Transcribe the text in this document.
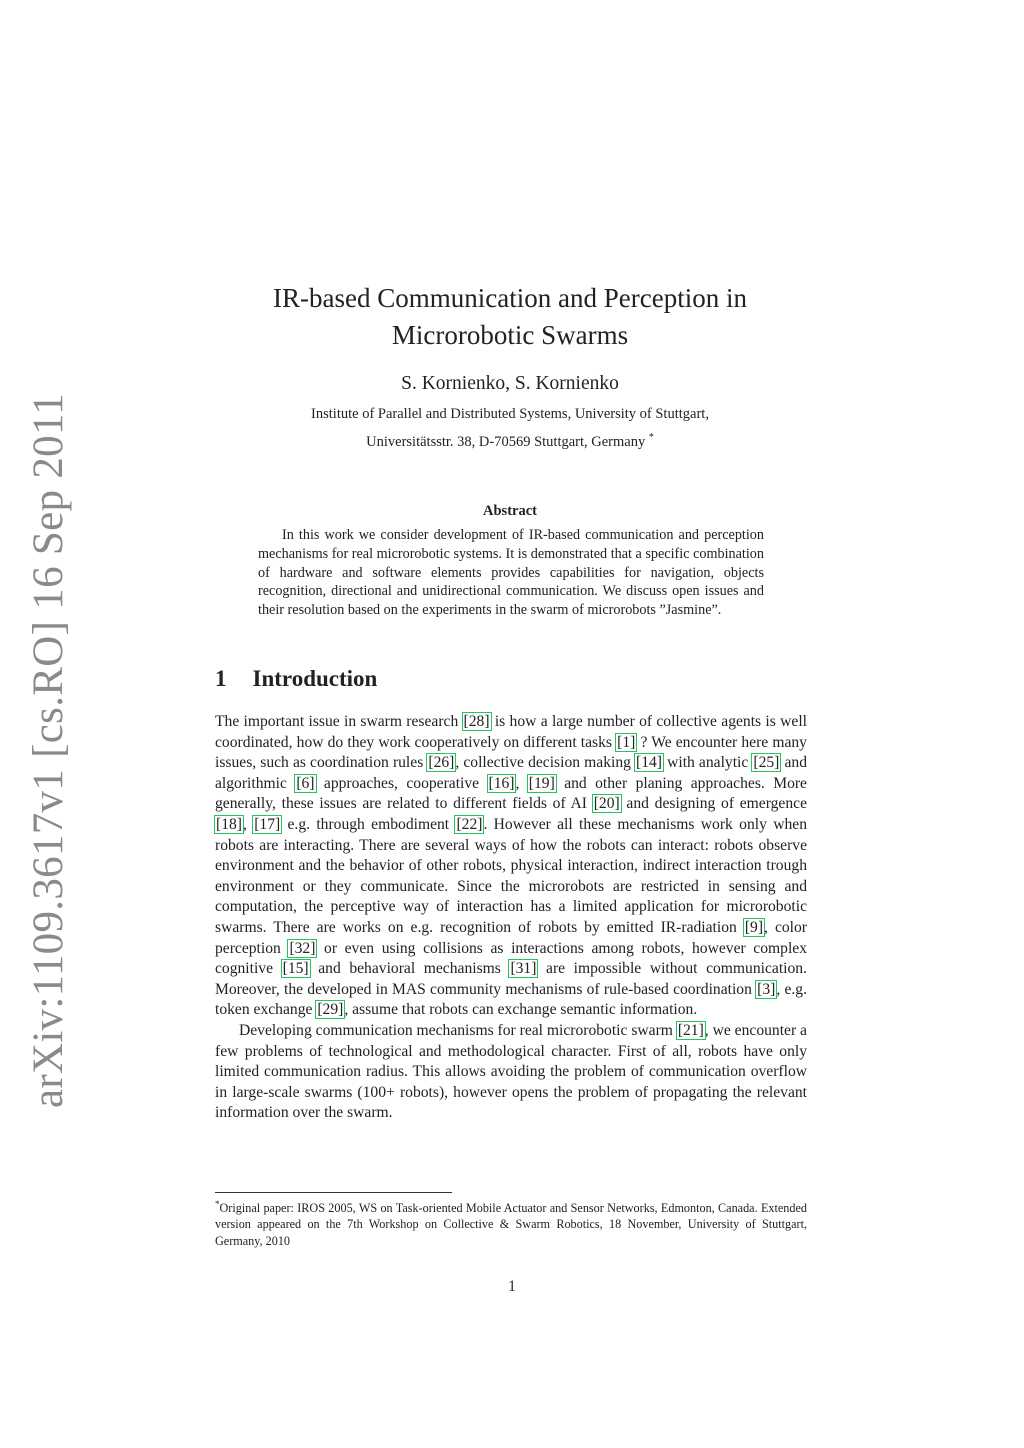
arXiv:1109.3617v1 [cs.RO] 16 Sep 2011
IR-based Communication and Perception in
Microrobotic Swarms
S. Kornienko, S. Kornienko
Institute of Parallel and Distributed Systems, University of Stuttgart,
Universitätsstr. 38, D-70569 Stuttgart, Germany *
Abstract
In this work we consider development of IR-based communication and perception mechanisms for real microrobotic systems. It is demonstrated that a specific combination of hardware and software elements provides capabilities for navigation, objects recognition, directional and unidirectional communication. We discuss open issues and their resolution based on the experiments in the swarm of microrobots ”Jasmine”.
1 Introduction

The important issue in swarm research [28] is how a large number of collective agents is well coordinated, how do they work cooperatively on different tasks [1] ? We encounter here many issues, such as coordination rules [26], collective decision making [14] with analytic [25] and algorithmic [6] approaches, cooperative [16], [19] and other planing approaches. More generally, these issues are related to different fields of AI [20] and designing of emergence [18], [17] e.g. through embodiment [22]. However all these mechanisms work only when robots are interacting. There are several ways of how the robots can interact: robots observe environment and the behavior of other robots, physical interaction, indirect interaction trough environment or they communicate. Since the microrobots are restricted in sensing and computation, the perceptive way of interaction has a limited application for microrobotic swarms. There are works on e.g. recognition of robots by emitted IR-radiation [9], color perception [32] or even using collisions as interactions among robots, however complex cognitive [15] and behavioral mechanisms [31] are impossible without communication. Moreover, the developed in MAS community mechanisms of rule-based coordination [3], e.g. token exchange [29], assume that robots can exchange semantic information.

Developing communication mechanisms for real microrobotic swarm [21], we encounter a few problems of technological and methodological character. First of all, robots have only limited communication radius. This allows avoiding the problem of communication overflow in large-scale swarms (100+ robots), however opens the problem of propagating the relevant information over the swarm.

*Original paper: IROS 2005, WS on Task-oriented Mobile Actuator and Sensor Networks, Edmonton, Canada. Extended version appeared on the 7th Workshop on Collective & Swarm Robotics, 18 November, University of Stuttgart, Germany, 2010
1
